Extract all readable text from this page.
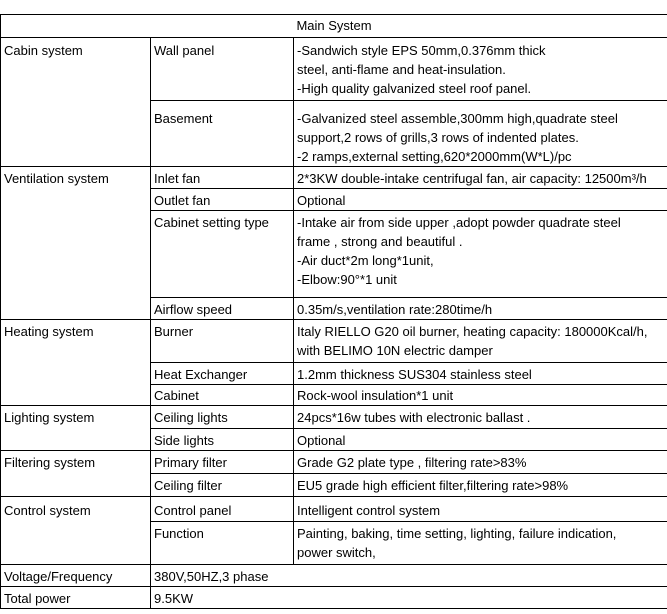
Main System		
Cabin system	Wall panel	-Sandwich style EPS 50mm,0.376mm thick
steel, anti-flame and heat-insulation.
-High quality galvanized steel roof panel.

	Basement	-Galvanized steel assemble,300mm high,quadrate steel
support,2 rows of grills,3 rows of indented plates.
-2 ramps,external setting,620*2000mm(W*L)/pc

Ventilation system	Inlet fan	2*3KW double-intake centrifugal fan, air capacity: 12500m³/h

	Outlet fan	Optional

	Cabinet setting type	-Intake air from side upper ,adopt powder quadrate steel
frame , strong and beautiful .
-Air duct*2m long*1unit,
-Elbow:90°*1 unit

	Airflow speed	0.35m/s,ventilation rate:280time/h

Heating system	Burner	Italy RIELLO G20 oil burner, heating capacity: 180000Kcal/h,
with BELIMO 10N electric damper

	Heat Exchanger	1.2mm thickness SUS304 stainless steel

	Cabinet	Rock-wool insulation*1 unit

Lighting system	Ceiling lights	24pcs*16w tubes with electronic ballast .

	Side lights	Optional

Filtering system	Primary filter	Grade G2 plate type , filtering rate>83%

	Ceiling filter	EU5 grade high efficient filter,filtering rate>98%

Control system	Control panel	Intelligent control system

	Function	Painting, baking, time setting, lighting, failure indication,
power switch,

Voltage/Frequency	380V,50HZ,3 phase	
Total power	9.5KW	
